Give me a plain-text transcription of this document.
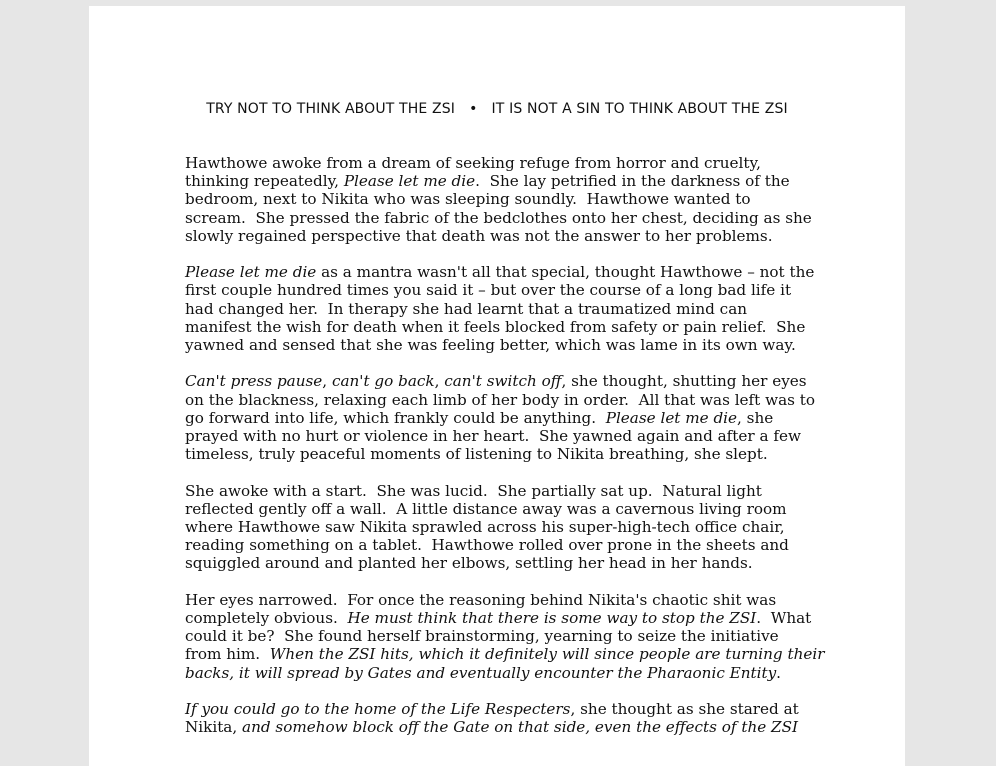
TRY NOT TO THINK ABOUT THE ZSI • IT IS NOT A SIN TO THINK ABOUT THE ZSI

Hawthowe awoke from a dream of seeking refuge from horror and cruelty,
thinking repeatedly, Please let me die.  She lay petrified in the darkness of the
bedroom, next to Nikita who was sleeping soundly.  Hawthowe wanted to
scream.  She pressed the fabric of the bedclothes onto her chest, deciding as she
slowly regained perspective that death was not the answer to her problems.

Please let me die as a mantra wasn't all that special, thought Hawthowe – not the
first couple hundred times you said it – but over the course of a long bad life it
had changed her.  In therapy she had learnt that a traumatized mind can
manifest the wish for death when it feels blocked from safety or pain relief.  She
yawned and sensed that she was feeling better, which was lame in its own way.

Can't press pause, can't go back, can't switch off, she thought, shutting her eyes
on the blackness, relaxing each limb of her body in order.  All that was left was to
go forward into life, which frankly could be anything.  Please let me die, she
prayed with no hurt or violence in her heart.  She yawned again and after a few
timeless, truly peaceful moments of listening to Nikita breathing, she slept.

She awoke with a start.  She was lucid.  She partially sat up.  Natural light
reflected gently off a wall.  A little distance away was a cavernous living room
where Hawthowe saw Nikita sprawled across his super-high-tech office chair,
reading something on a tablet.  Hawthowe rolled over prone in the sheets and
squiggled around and planted her elbows, settling her head in her hands.

Her eyes narrowed.  For once the reasoning behind Nikita's chaotic shit was
completely obvious.  He must think that there is some way to stop the ZSI.  What
could it be?  She found herself brainstorming, yearning to seize the initiative
from him.  When the ZSI hits, which it definitely will since people are turning their
backs, it will spread by Gates and eventually encounter the Pharaonic Entity.

If you could go to the home of the Life Respecters, she thought as she stared at
Nikita, and somehow block off the Gate on that side, even the effects of the ZSI
